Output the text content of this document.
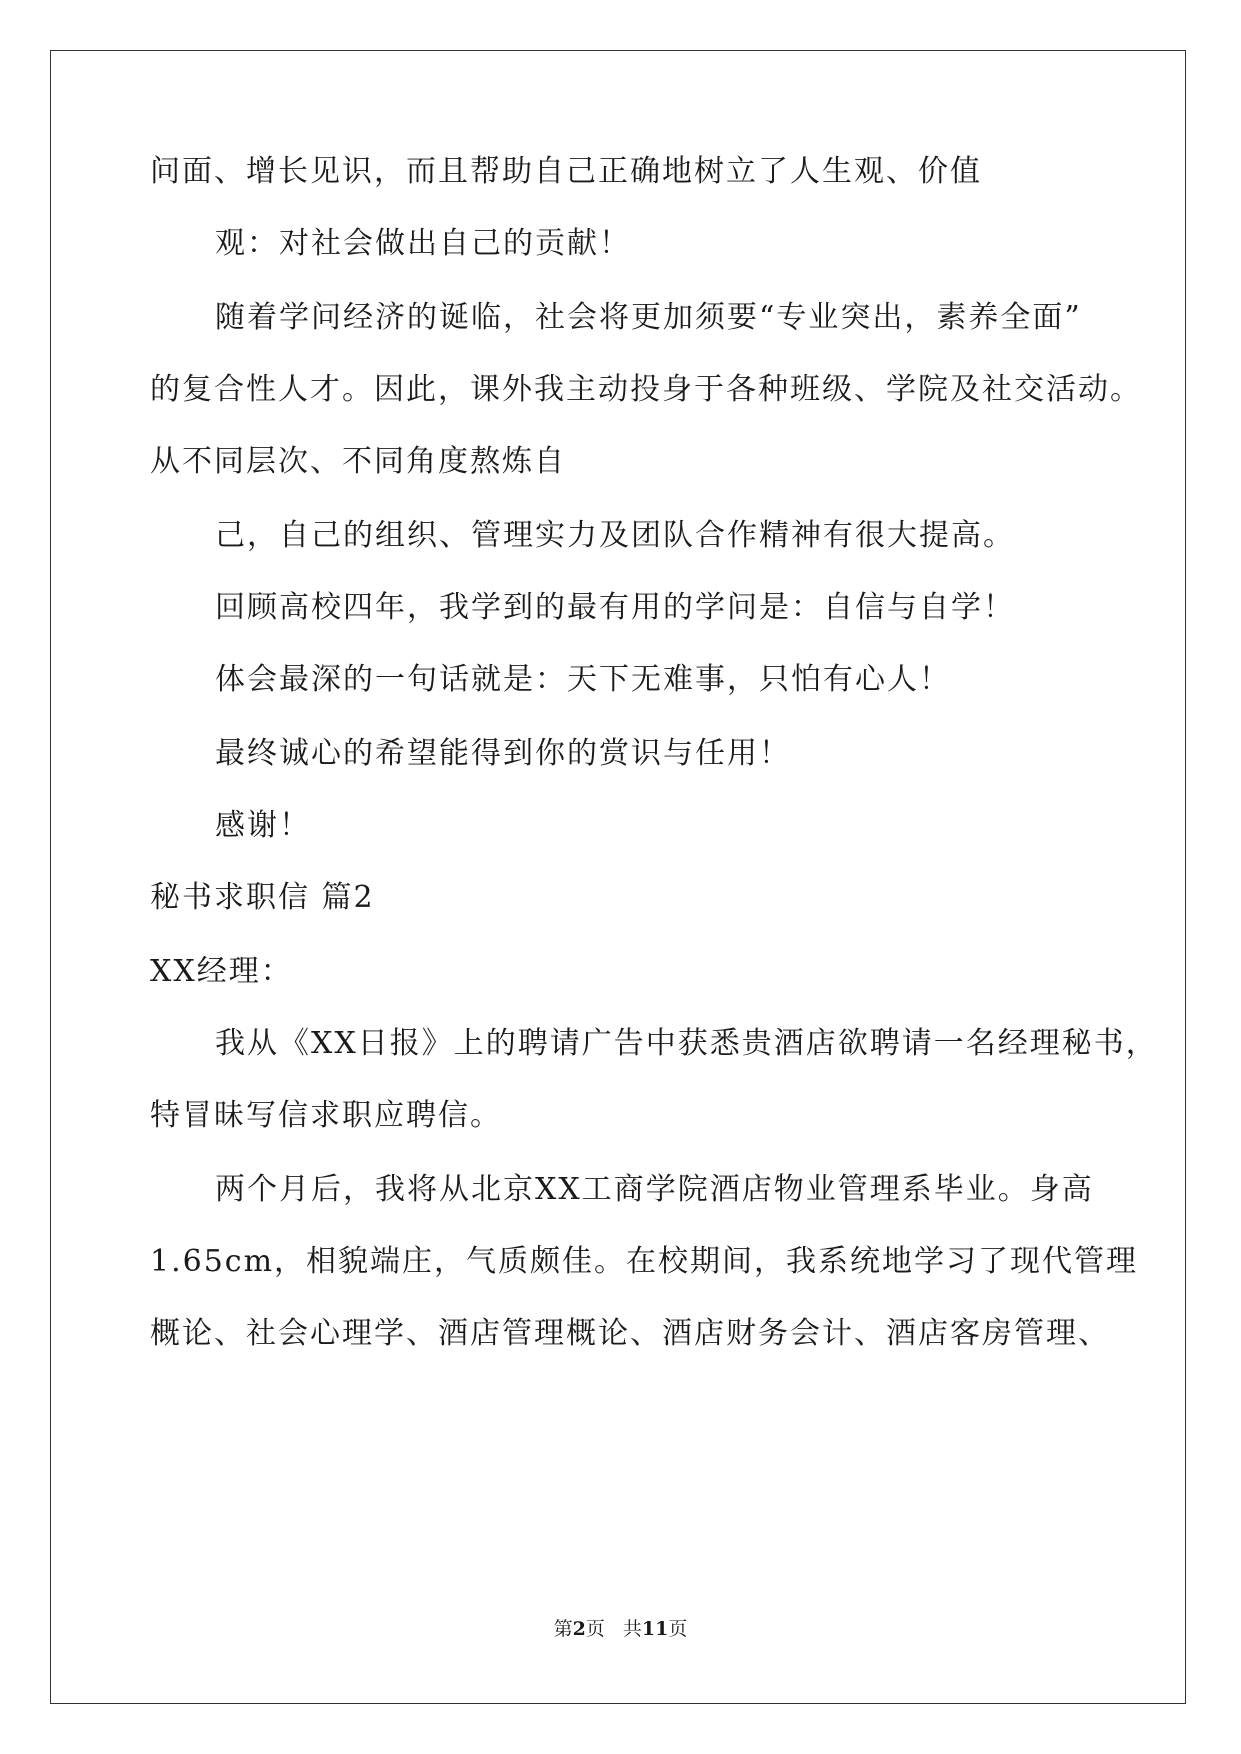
问面、增长见识，而且帮助自己正确地树立了人生观、价值
观：对社会做出自己的贡献！
随着学问经济的诞临，社会将更加须要“专业突出，素养全面”
的复合性人才。因此，课外我主动投身于各种班级、学院及社交活动。
从不同层次、不同角度熬炼自
己，自己的组织、管理实力及团队合作精神有很大提高。
回顾高校四年，我学到的最有用的学问是：自信与自学！
体会最深的一句话就是：天下无难事，只怕有心人！
最终诚心的希望能得到你的赏识与任用！
感谢！
秘书求职信 篇2
XX经理：
我从《XX日报》上的聘请广告中获悉贵酒店欲聘请一名经理秘书，
特冒昧写信求职应聘信。
两个月后，我将从北京XX工商学院酒店物业管理系毕业。身高
1.65cm，相貌端庄，气质颇佳。在校期间，我系统地学习了现代管理
概论、社会心理学、酒店管理概论、酒店财务会计、酒店客房管理、
第2页 共11页
